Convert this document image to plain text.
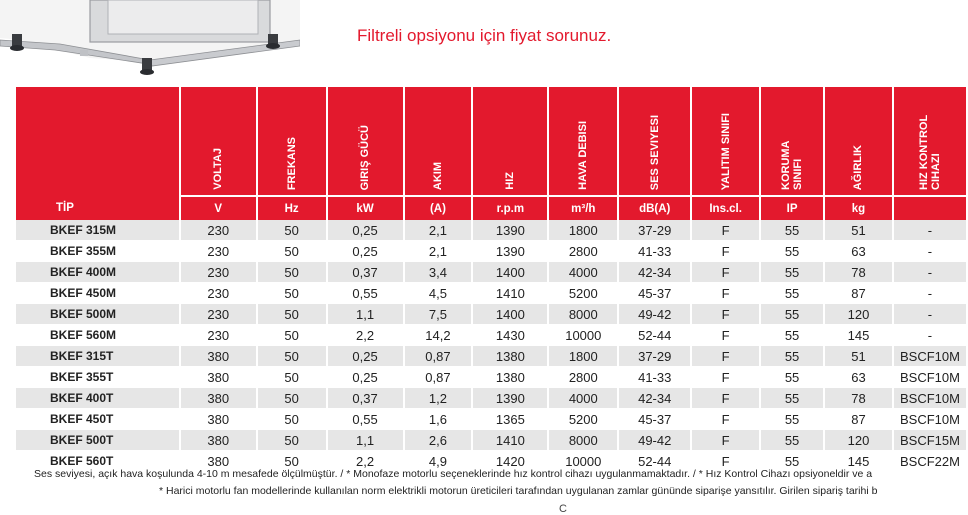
Filtreli opsiyonu için fiyat sorunuz.
	VOLTAJ	FREKANS	GIRIŞ GÜCÜ	AKIM	HIZ	HAVA DEBISI	SES SEVIYESI	YALITIM SINIFI	KORUMA SINIFI	AĞIRLIK	HIZ KONTROL CIHAZI
TİP	V	Hz	kW	(A)	r.p.m	m³/h	dB(A)	Ins.cl.	IP	kg	
BKEF 315M	230	50	0,25	2,1	1390	1800	37-29	F	55	51	-
BKEF 355M	230	50	0,25	2,1	1390	2800	41-33	F	55	63	-
BKEF 400M	230	50	0,37	3,4	1400	4000	42-34	F	55	78	-
BKEF 450M	230	50	0,55	4,5	1410	5200	45-37	F	55	87	-
BKEF 500M	230	50	1,1	7,5	1400	8000	49-42	F	55	120	-
BKEF 560M	230	50	2,2	14,2	1430	10000	52-44	F	55	145	-
BKEF 315T	380	50	0,25	0,87	1380	1800	37-29	F	55	51	BSCF10M
BKEF 355T	380	50	0,25	0,87	1380	2800	41-33	F	55	63	BSCF10M
BKEF 400T	380	50	0,37	1,2	1390	4000	42-34	F	55	78	BSCF10M
BKEF 450T	380	50	0,55	1,6	1365	5200	45-37	F	55	87	BSCF10M
BKEF 500T	380	50	1,1	2,6	1410	8000	49-42	F	55	120	BSCF15M
BKEF 560T	380	50	2,2	4,9	1420	10000	52-44	F	55	145	BSCF22M
Ses seviyesi, açık hava koşulunda 4-10 m mesafede ölçülmüştür. / * Monofaze motorlu seçeneklerinde hız kontrol cihazı uygulanmamaktadır. / * Hız Kontrol Cihazı opsiyoneldir ve a
* Harici motorlu fan modellerinde kullanılan norm elektrikli motorun üreticileri tarafından uygulanan zamlar gününde siparişe yansıtılır. Girilen sipariş tarihi b
C
